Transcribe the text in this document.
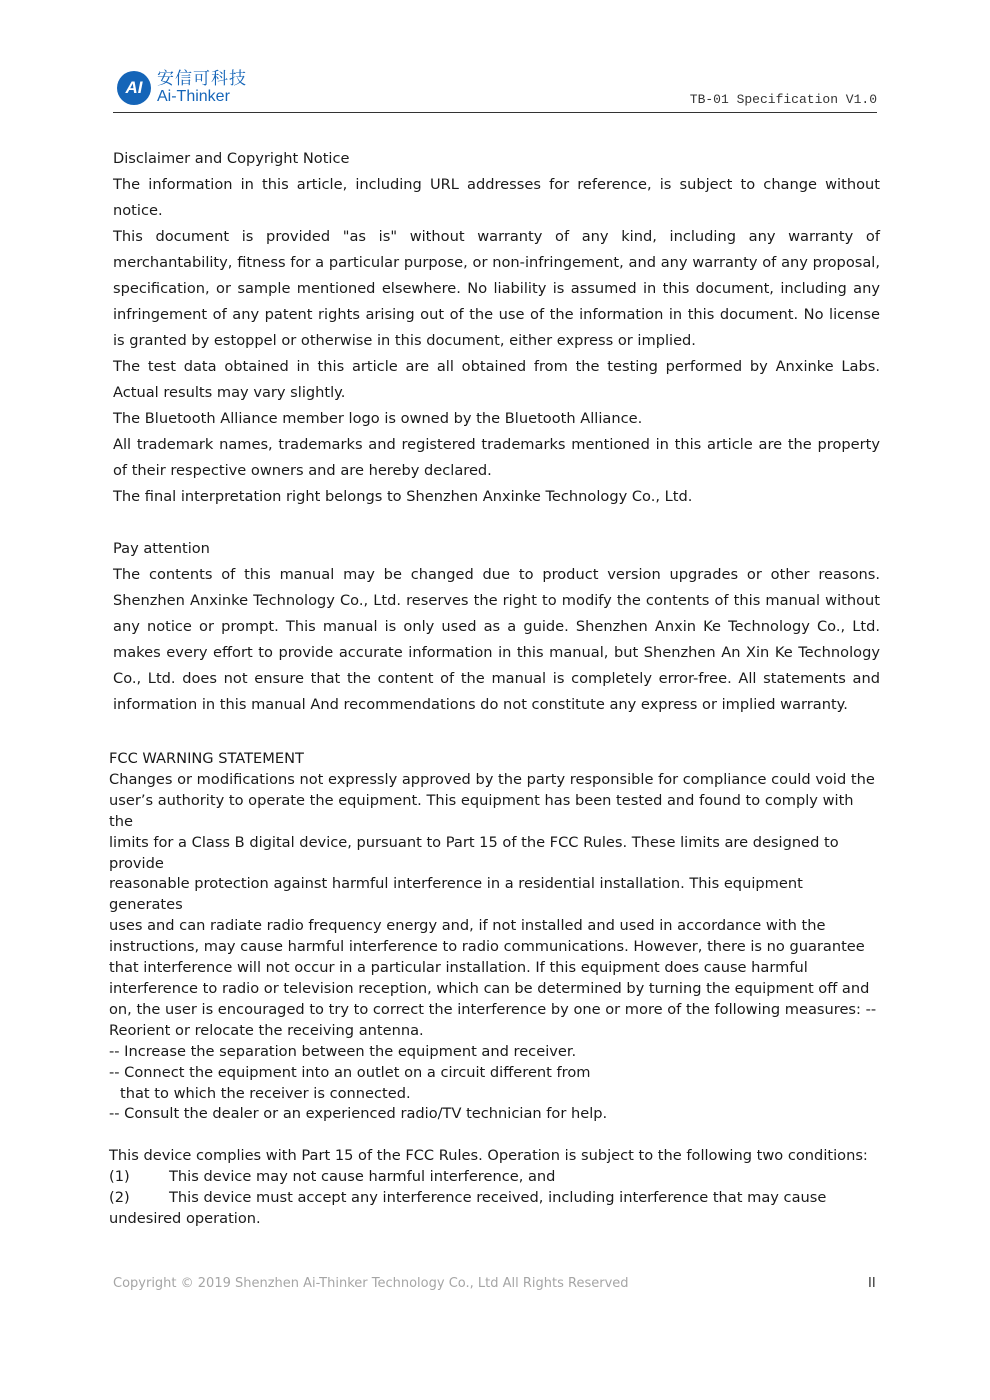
AI 安信可科技
Ai-Thinker	TB-01 Specification V1.0

Disclaimer and Copyright Notice

The information in this article, including URL addresses for reference, is subject to change without notice.

This document is provided "as is" without warranty of any kind, including any warranty of merchantability, fitness for a particular purpose, or non-infringement, and any warranty of any proposal, specification, or sample mentioned elsewhere. No liability is assumed in this document, including any infringement of any patent rights arising out of the use of the information in this document. No license is granted by estoppel or otherwise in this document, either express or implied.

The test data obtained in this article are all obtained from the testing performed by Anxinke Labs. Actual results may vary slightly.

The Bluetooth Alliance member logo is owned by the Bluetooth Alliance.

All trademark names, trademarks and registered trademarks mentioned in this article are the property of their respective owners and are hereby declared.

The final interpretation right belongs to Shenzhen Anxinke Technology Co., Ltd.

Pay attention

The contents of this manual may be changed due to product version upgrades or other reasons. Shenzhen Anxinke Technology Co., Ltd. reserves the right to modify the contents of this manual without any notice or prompt. This manual is only used as a guide. Shenzhen Anxin Ke Technology Co., Ltd. makes every effort to provide accurate information in this manual, but Shenzhen An Xin Ke Technology Co., Ltd. does not ensure that the content of the manual is completely error-free. All statements and information in this manual And recommendations do not constitute any express or implied warranty.

FCC WARNING STATEMENT

Changes or modifications not expressly approved by the party responsible for compliance could void the

user’s authority to operate the equipment. This equipment has been tested and found to comply with the

limits for a Class B digital device, pursuant to Part 15 of the FCC Rules. These limits are designed to provide

reasonable protection against harmful interference in a residential installation. This equipment generates

uses and can radiate radio frequency energy and, if not installed and used in accordance with the

instructions, may cause harmful interference to radio communications. However, there is no guarantee

that interference will not occur in a particular installation. If this equipment does cause harmful

interference to radio or television reception, which can be determined by turning the equipment off and

on, the user is encouraged to try to correct the interference by one or more of the following measures: --

Reorient or relocate the receiving antenna.

-- Increase the separation between the equipment and receiver.

-- Connect the equipment into an outlet on a circuit different from

that to which the receiver is connected.

-- Consult the dealer or an experienced radio/TV technician for help.

This device complies with Part 15 of the FCC Rules. Operation is subject to the following two conditions:

(1)	This device may not cause harmful interference, and
(2)	This device must accept any interference received, including interference that may cause

undesired operation.

Copyright © 2019 Shenzhen Ai-Thinker Technology Co., Ltd All Rights Reserved	II
